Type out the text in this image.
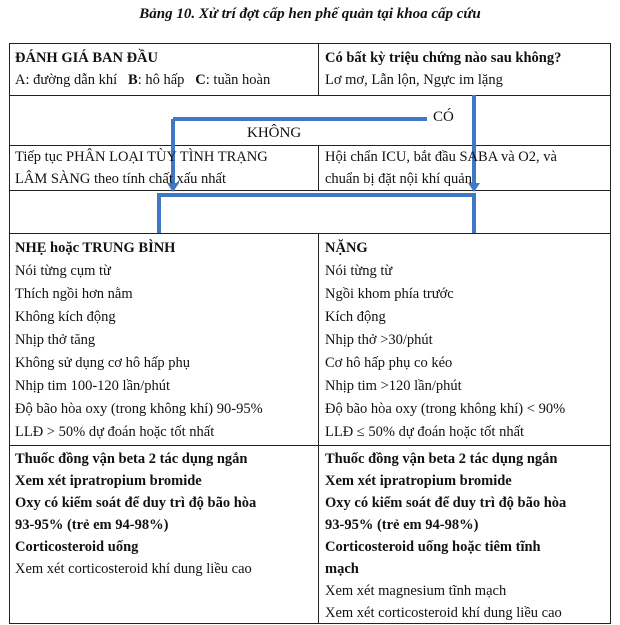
Bảng 10. Xử trí đợt cấp hen phế quản tại khoa cấp cứu

ĐÁNH GIÁ BAN ĐẦU

A: đường dẫn khí B: hô hấp C: tuần hoàn

Có bất kỳ triệu chứng nào sau không?

Lơ mơ, Lẫn lộn, Ngực im lặng

CÓ
KHÔNG

Tiếp tục PHÂN LOẠI TÙY TÌNH TRẠNG

LÂM SÀNG theo tính chất xấu nhất

Hội chẩn ICU, bắt đầu SABA và O2, và

chuẩn bị đặt nội khí quản

NHẸ hoặc TRUNG BÌNH

Nói từng cụm từ

Thích ngồi hơn nằm

Không kích động

Nhịp thở tăng

Không sử dụng cơ hô hấp phụ

Nhịp tim 100-120 lần/phút

Độ bão hòa oxy (trong không khí) 90-95%

LLĐ > 50% dự đoán hoặc tốt nhất

NẶNG

Nói từng từ

Ngồi khom phía trước

Kích động

Nhịp thở >30/phút

Cơ hô hấp phụ co kéo

Nhịp tim >120 lần/phút

Độ bão hòa oxy (trong không khí) < 90%

LLĐ ≤ 50% dự đoán hoặc tốt nhất

Thuốc đồng vận beta 2 tác dụng ngắn

Xem xét ipratropium bromide

Oxy có kiểm soát để duy trì độ bão hòa

93-95% (trẻ em 94-98%)

Corticosteroid uống

Xem xét corticosteroid khí dung liều cao

Thuốc đồng vận beta 2 tác dụng ngắn

Xem xét ipratropium bromide

Oxy có kiểm soát để duy trì độ bão hòa

93-95% (trẻ em 94-98%)

Corticosteroid uống hoặc tiêm tĩnh

mạch

Xem xét magnesium tĩnh mạch

Xem xét corticosteroid khí dung liều cao
